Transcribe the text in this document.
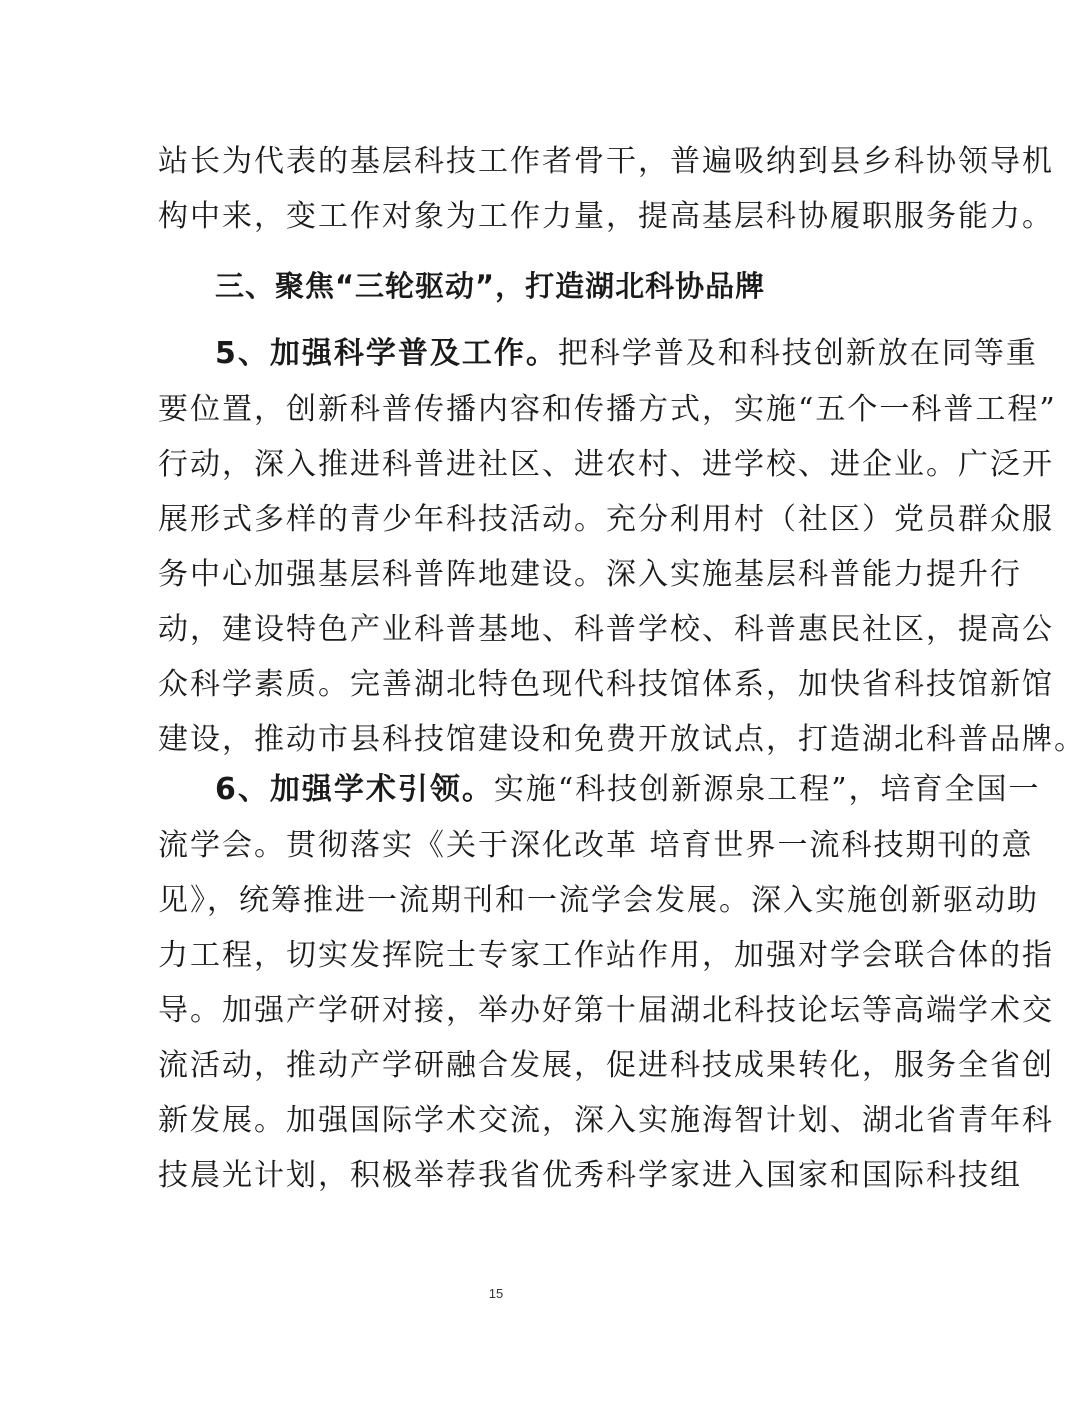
站长为代表的基层科技工作者骨干，普遍吸纳到县乡科协领导机
构中来，变工作对象为工作力量，提高基层科协履职服务能力。
三、聚焦“三轮驱动”，打造湖北科协品牌
5、加强科学普及工作。把科学普及和科技创新放在同等重
要位置，创新科普传播内容和传播方式，实施“五个一科普工程”
行动，深入推进科普进社区、进农村、进学校、进企业。广泛开
展形式多样的青少年科技活动。充分利用村（社区）党员群众服
务中心加强基层科普阵地建设。深入实施基层科普能力提升行
动，建设特色产业科普基地、科普学校、科普惠民社区，提高公
众科学素质。完善湖北特色现代科技馆体系，加快省科技馆新馆
建设，推动市县科技馆建设和免费开放试点，打造湖北科普品牌。
6、加强学术引领。实施“科技创新源泉工程”，培育全国一
流学会。贯彻落实《关于深化改革 培育世界一流科技期刊的意
见》，统筹推进一流期刊和一流学会发展。深入实施创新驱动助
力工程，切实发挥院士专家工作站作用，加强对学会联合体的指
导。加强产学研对接，举办好第十届湖北科技论坛等高端学术交
流活动，推动产学研融合发展，促进科技成果转化，服务全省创
新发展。加强国际学术交流，深入实施海智计划、湖北省青年科
技晨光计划，积极举荐我省优秀科学家进入国家和国际科技组
15
